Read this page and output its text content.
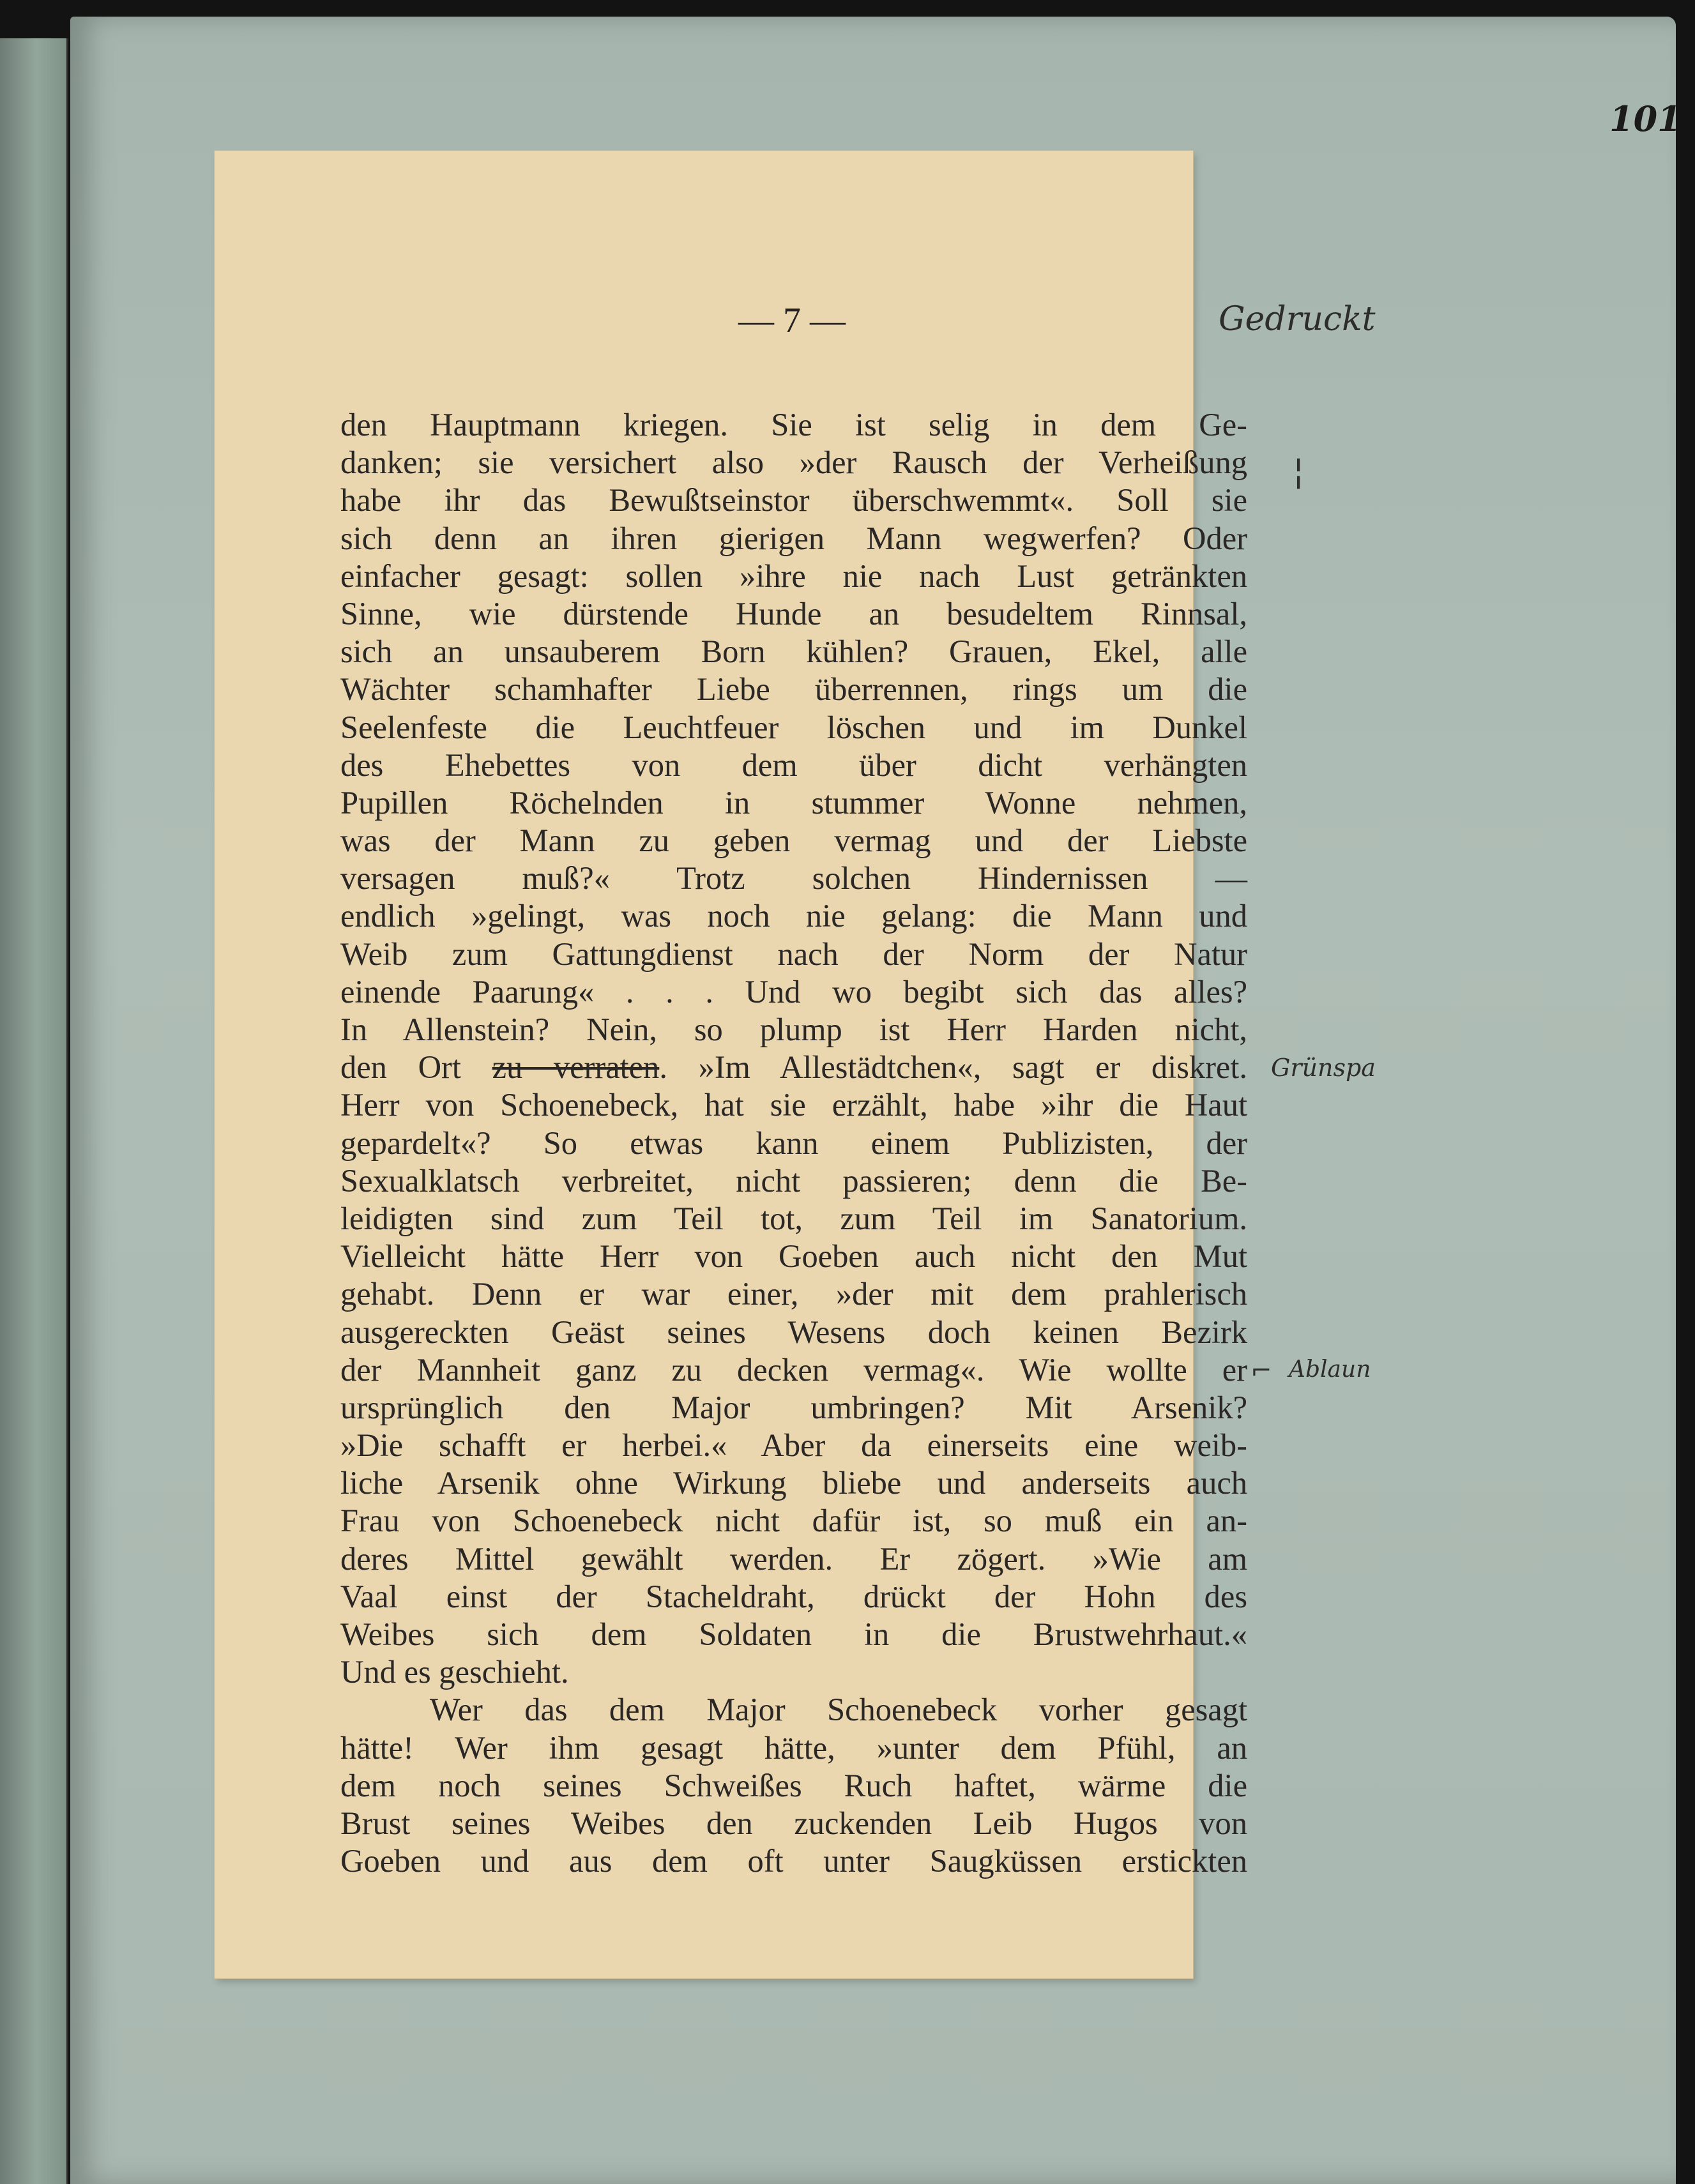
101
— 7 —
den Hauptmann kriegen. Sie ist selig in dem Ge-
danken; sie versichert also »der Rausch der Verheißung
habe ihr das Bewußtseinstor überschwemmt«. Soll sie
sich denn an ihren gierigen Mann wegwerfen? Oder
einfacher gesagt: sollen »ihre nie nach Lust getränkten
Sinne, wie dürstende Hunde an besudeltem Rinnsal,
sich an unsauberem Born kühlen? Grauen, Ekel, alle
Wächter schamhafter Liebe überrennen, rings um die
Seelenfeste die Leuchtfeuer löschen und im Dunkel
des Ehebettes von dem über dicht verhängten
Pupillen Röchelnden in stummer Wonne nehmen,
was der Mann zu geben vermag und der Liebste
versagen muß?« Trotz solchen Hindernissen —
endlich »gelingt, was noch nie gelang: die Mann und
Weib zum Gattungdienst nach der Norm der Natur
einende Paarung« . . . Und wo begibt sich das alles?
In Allenstein? Nein, so plump ist Herr Harden nicht,
den Ort zu verraten. »Im Allestädtchen«, sagt er diskret.
Herr von Schoenebeck, hat sie erzählt, habe »ihr die Haut
gepardelt«? So etwas kann einem Publizisten, der
Sexualklatsch verbreitet, nicht passieren; denn die Be-
leidigten sind zum Teil tot, zum Teil im Sanatorium.
Vielleicht hätte Herr von Goeben auch nicht den Mut
gehabt. Denn er war einer, »der mit dem prahlerisch
ausgereckten Geäst seines Wesens doch keinen Bezirk
der Mannheit ganz zu decken vermag«. Wie wollte er
ursprünglich den Major umbringen? Mit Arsenik?
»Die schafft er herbei.« Aber da einerseits eine weib-
liche Arsenik ohne Wirkung bliebe und anderseits auch
Frau von Schoenebeck nicht dafür ist, so muß ein an-
deres Mittel gewählt werden. Er zögert. »Wie am
Vaal einst der Stacheldraht, drückt der Hohn des
Weibes sich dem Soldaten in die Brustwehrhaut.«
Und es geschieht.
Wer das dem Major Schoenebeck vorher gesagt
hätte! Wer ihm gesagt hätte, »unter dem Pfühl, an
dem noch seines Schweißes Ruch haftet, wärme die
Brust seines Weibes den zuckenden Leib Hugos von
Goeben und aus dem oft unter Saugküssen erstickten
Gedruckt
¦
Grünspa
⌐ Ablaun
